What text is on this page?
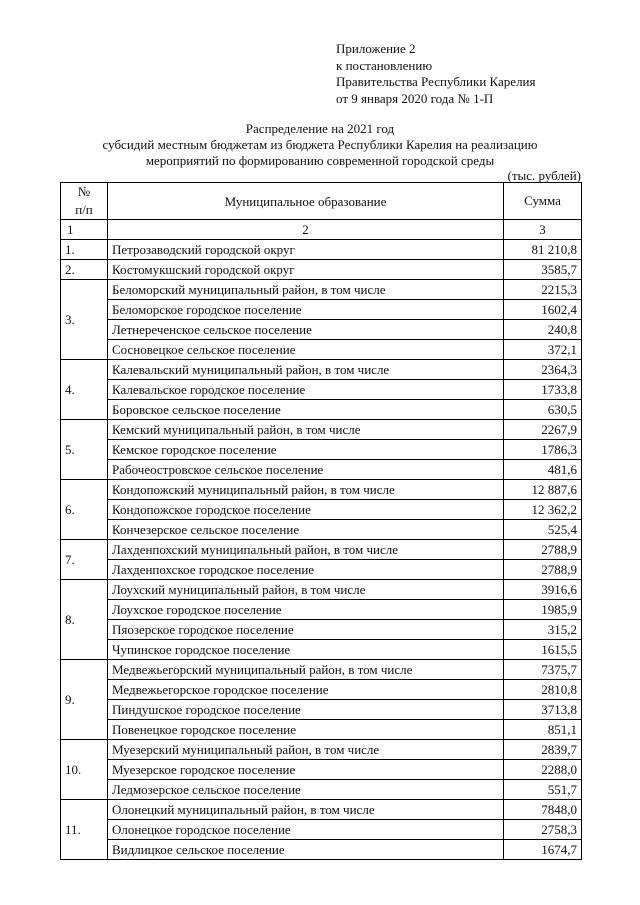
Приложение 2
к постановлению
Правительства Республики Карелия
от 9 января 2020 года № 1-П
Распределение на 2021 год
субсидий местным бюджетам из бюджета Республики Карелия на реализацию
мероприятий по формированию современной городской среды
(тыс. рублей)
№
п/п	Муниципальное образование	Сумма
1	2	3
1.	Петрозаводский городской округ	81 210,8
2.	Костомукшский городской округ	3585,7
3.	Беломорский муниципальный район, в том числе	2215,3
	Беломорское городское поселение	1602,4
	Летнереченское сельское поселение	240,8
	Сосновецкое сельское поселение	372,1
4.	Калевальский муниципальный район, в том числе	2364,3
	Калевальское городское поселение	1733,8
	Боровское сельское поселение	630,5
5.	Кемский муниципальный район, в том числе	2267,9
	Кемское городское поселение	1786,3
	Рабочеостровское сельское поселение	481,6
6.	Кондопожский муниципальный район, в том числе	12 887,6
	Кондопожское городское поселение	12 362,2
	Кончезерское сельское поселение	525,4
7.	Лахденпохский муниципальный район, в том числе	2788,9
	Лахденпохское городское поселение	2788,9
8.	Лоухский муниципальный район, в том числе	3916,6
	Лоухское городское поселение	1985,9
	Пяозерское городское поселение	315,2
	Чупинское городское поселение	1615,5
9.	Медвежьегорский муниципальный район, в том числе	7375,7
	Медвежьегорское городское поселение	2810,8
	Пиндушское городское поселение	3713,8
	Повенецкое городское поселение	851,1
10.	Муезерский муниципальный район, в том числе	2839,7
	Муезерское городское поселение	2288,0
	Ледмозерское сельское поселение	551,7
11.	Олонецкий муниципальный район, в том числе	7848,0
	Олонецкое городское поселение	2758,3
	Видлицкое сельское поселение	1674,7
